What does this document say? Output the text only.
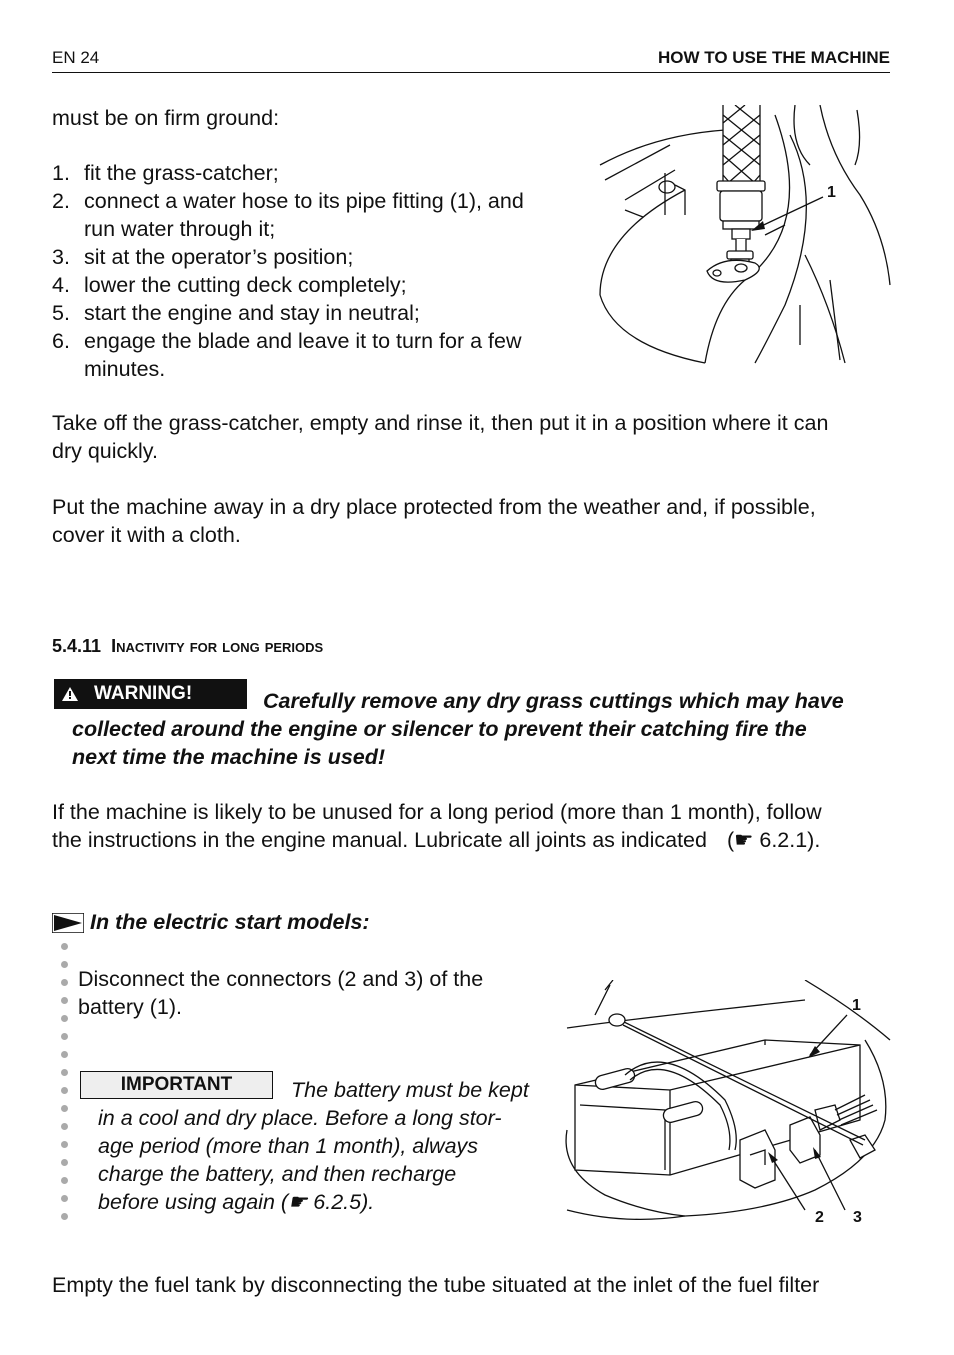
EN 24	HOW TO USE THE MACHINE
must be on firm ground:
1. fit the grass-catcher;
2. connect a water hose to its pipe fitting (1), and
run water through it;
3. sit at the operator’s position;
4. lower the cutting deck completely;
5. start the engine and stay in neutral;
6. engage the blade and leave it to turn for a few
minutes.
1
Take off the grass-catcher, empty and rinse it, then put it in a position where it can
dry quickly.
Put the machine away in a dry place protected from the weather and, if possible,
cover it with a cloth.
5.4.11 Inactivity for long periods
WARNING!	Carefully remove any dry grass cuttings which may have
collected around the engine or silencer to prevent their catching fire the
next time the machine is used!
If the machine is likely to be unused for a long period (more than 1 month), follow
the instructions in the engine manual. Lubricate all joints as indicated (☛ 6.2.1).
In the electric start models:
Disconnect the connectors (2 and 3) of the
battery (1).
IMPORTANT	The battery must be kept
in a cool and dry place. Before a long stor-
age period (more than 1 month), always
charge the battery, and then recharge
before using again (☛ 6.2.5).
1
2 3
Empty the fuel tank by disconnecting the tube situated at the inlet of the fuel filter
